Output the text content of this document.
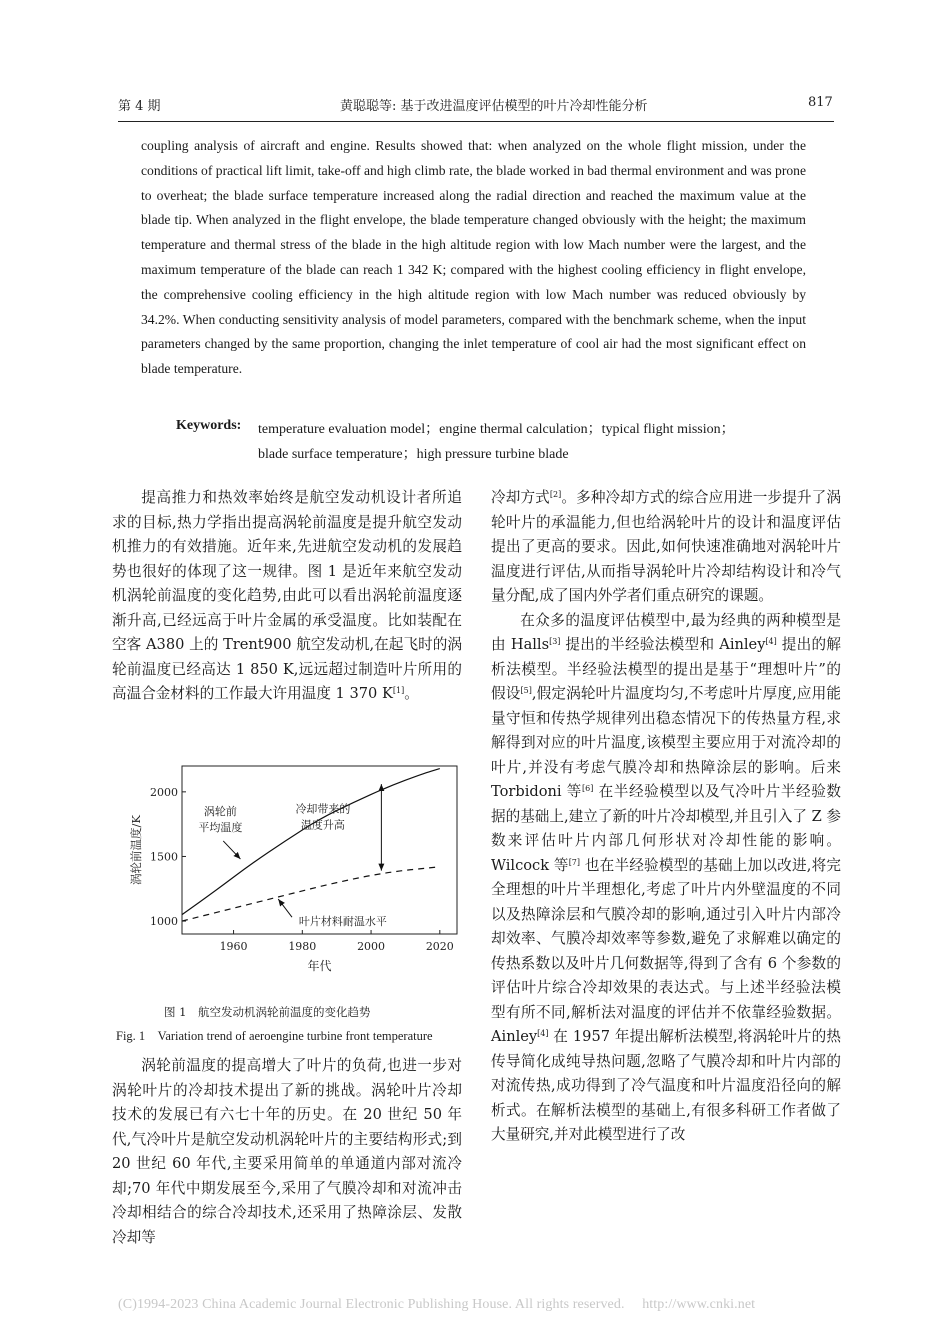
第 4 期	黄聪聪等: 基于改进温度评估模型的叶片冷却性能分析	817
coupling analysis of aircraft and engine. Results showed that: when analyzed on the whole flight mission, under the conditions of practical lift limit, take-off and high climb rate, the blade worked in bad thermal environment and was prone to overheat; the blade surface temperature increased along the radial direction and reached the maximum value at the blade tip. When analyzed in the flight envelope, the blade temperature changed obviously with the height; the maximum temperature and thermal stress of the blade in the high altitude region with low Mach number were the largest, and the maximum temperature of the blade can reach 1 342 K; compared with the highest cooling efficiency in flight envelope, the comprehensive cooling efficiency in the high altitude region with low Mach number was reduced obviously by 34.2%. When conducting sensitivity analysis of model parameters, compared with the benchmark scheme, when the input parameters changed by the same proportion, changing the inlet temperature of cool air had the most significant effect on blade temperature.
Keywords: temperature evaluation model；engine thermal calculation；typical flight mission；
blade surface temperature；high pressure turbine blade

提高推力和热效率始终是航空发动机设计者所追求的目标,热力学指出提高涡轮前温度是提升航空发动机推力的有效措施。近年来,先进航空发动机的发展趋势也很好的体现了这一规律。图 1 是近年来航空发动机涡轮前温度的变化趋势,由此可以看出涡轮前温度逐渐升高,已经远高于叶片金属的承受温度。比如装配在空客 A380 上的 Trent900 航空发动机,在起飞时的涡轮前温度已经高达 1 850 K,远远超过制造叶片所用的高温合金材料的工作最大许用温度 1 370 K[1]。

1960	1980	2000	2020
1000
1500
2000
年代
涡轮前温度/K
涡轮前
平均温度
冷却带来的
温度升高
叶片材料耐温水平
图 1　航空发动机涡轮前温度的变化趋势
Fig. 1　Variation trend of aeroengine turbine front temperature

涡轮前温度的提高增大了叶片的负荷,也进一步对涡轮叶片的冷却技术提出了新的挑战。涡轮叶片冷却技术的发展已有六七十年的历史。在 20 世纪 50 年代,气冷叶片是航空发动机涡轮叶片的主要结构形式;到 20 世纪 60 年代,主要采用简单的单通道内部对流冷却;70 年代中期发展至今,采用了气膜冷却和对流冲击冷却相结合的综合冷却技术,还采用了热障涂层、发散冷却等

冷却方式[2]。多种冷却方式的综合应用进一步提升了涡轮叶片的承温能力,但也给涡轮叶片的设计和温度评估提出了更高的要求。因此,如何快速准确地对涡轮叶片温度进行评估,从而指导涡轮叶片冷却结构设计和冷气量分配,成了国内外学者们重点研究的课题。

在众多的温度评估模型中,最为经典的两种模型是由 Halls[3] 提出的半经验法模型和 Ainley[4] 提出的解析法模型。半经验法模型的提出是基于“理想叶片”的假设[5],假定涡轮叶片温度均匀,不考虑叶片厚度,应用能量守恒和传热学规律列出稳态情况下的传热量方程,求解得到对应的叶片温度,该模型主要应用于对流冷却的叶片,并没有考虑气膜冷却和热障涂层的影响。后来 Torbidoni 等[6] 在半经验模型以及气冷叶片半经验数据的基础上,建立了新的叶片冷却模型,并且引入了 Z 参数来评估叶片内部几何形状对冷却性能的影响。Wilcock 等[7] 也在半经验模型的基础上加以改进,将完全理想的叶片半理想化,考虑了叶片内外壁温度的不同以及热障涂层和气膜冷却的影响,通过引入叶片内部冷却效率、气膜冷却效率等参数,避免了求解难以确定的传热系数以及叶片几何数据等,得到了含有 6 个参数的评估叶片综合冷却效果的表达式。与上述半经验法模型有所不同,解析法对温度的评估并不依靠经验数据。Ainley[4] 在 1957 年提出解析法模型,将涡轮叶片的热传导简化成纯导热问题,忽略了气膜冷却和叶片内部的对流传热,成功得到了冷气温度和叶片温度沿径向的解析式。在解析法模型的基础上,有很多科研工作者做了大量研究,并对此模型进行了改

(C)1994-2023 China Academic Journal Electronic Publishing House. All rights reserved. http://www.cnki.net
